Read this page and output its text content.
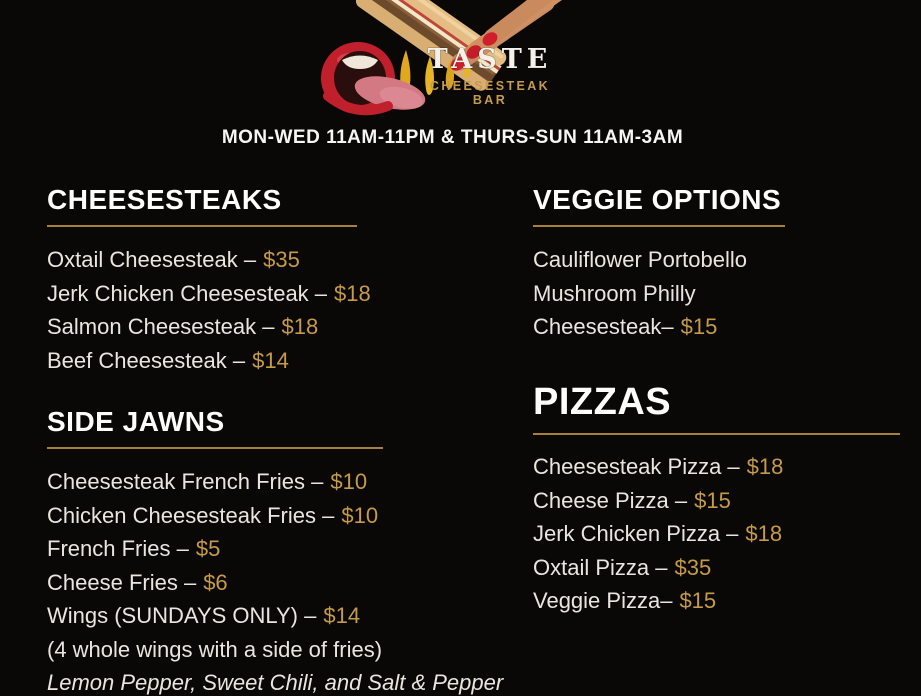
TASTE
CHEESESTEAK BAR
MON-WED 11AM-11PM & THURS-SUN 11AM-3AM
CHEESESTEAKS
Oxtail Cheesesteak – $35
Jerk Chicken Cheesesteak – $18
Salmon Cheesesteak – $18
Beef Cheesesteak – $14
VEGGIE OPTIONS
Cauliflower Portobello
Mushroom Philly
Cheesesteak– $15
SIDE JAWNS
Cheesesteak French Fries – $10
Chicken Cheesesteak Fries – $10
French Fries – $5
Cheese Fries – $6
Wings (SUNDAYS ONLY) – $14
(4 whole wings with a side of fries)
Lemon Pepper, Sweet Chili, and Salt & Pepper
PIZZAS
Cheesesteak Pizza – $18
Cheese Pizza – $15
Jerk Chicken Pizza – $18
Oxtail Pizza – $35
Veggie Pizza– $15
